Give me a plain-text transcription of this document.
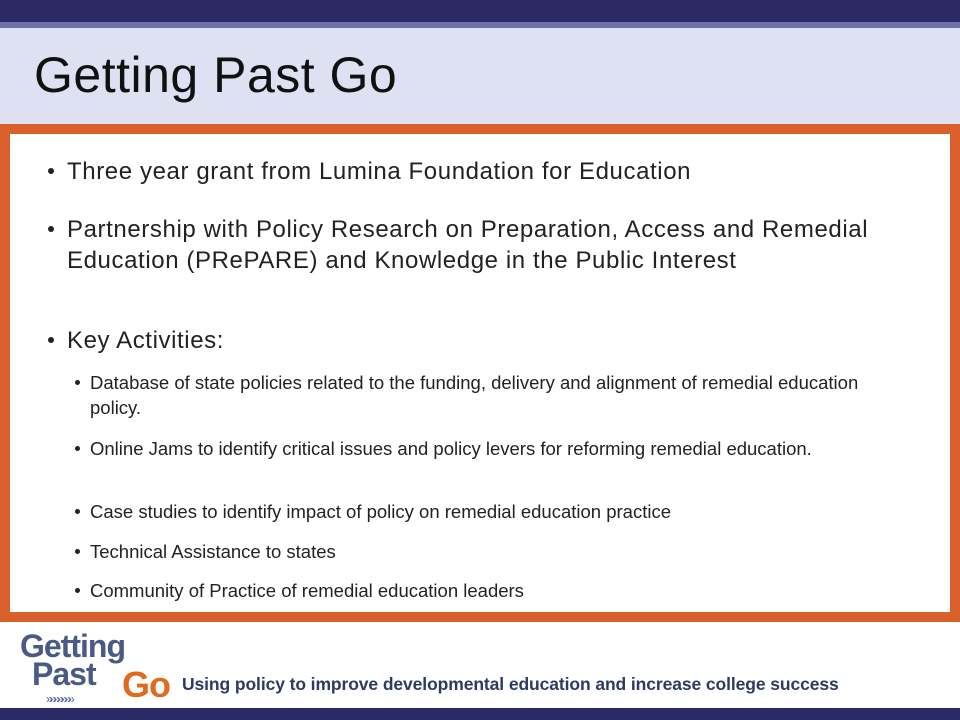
Getting Past Go
Three year grant from Lumina Foundation for Education
Partnership with Policy Research on Preparation, Access and Remedial Education (PRePARE) and Knowledge in the Public Interest
Key Activities:
Database of state policies related to the funding, delivery and alignment of remedial education policy.
Online Jams to identify critical issues and policy levers for reforming remedial education.
Case studies to identify impact of policy on remedial education practice
Technical Assistance to states
Community of Practice of remedial education leaders
Getting
Past Go
»»»»»»»
Using policy to improve developmental education and increase college success
